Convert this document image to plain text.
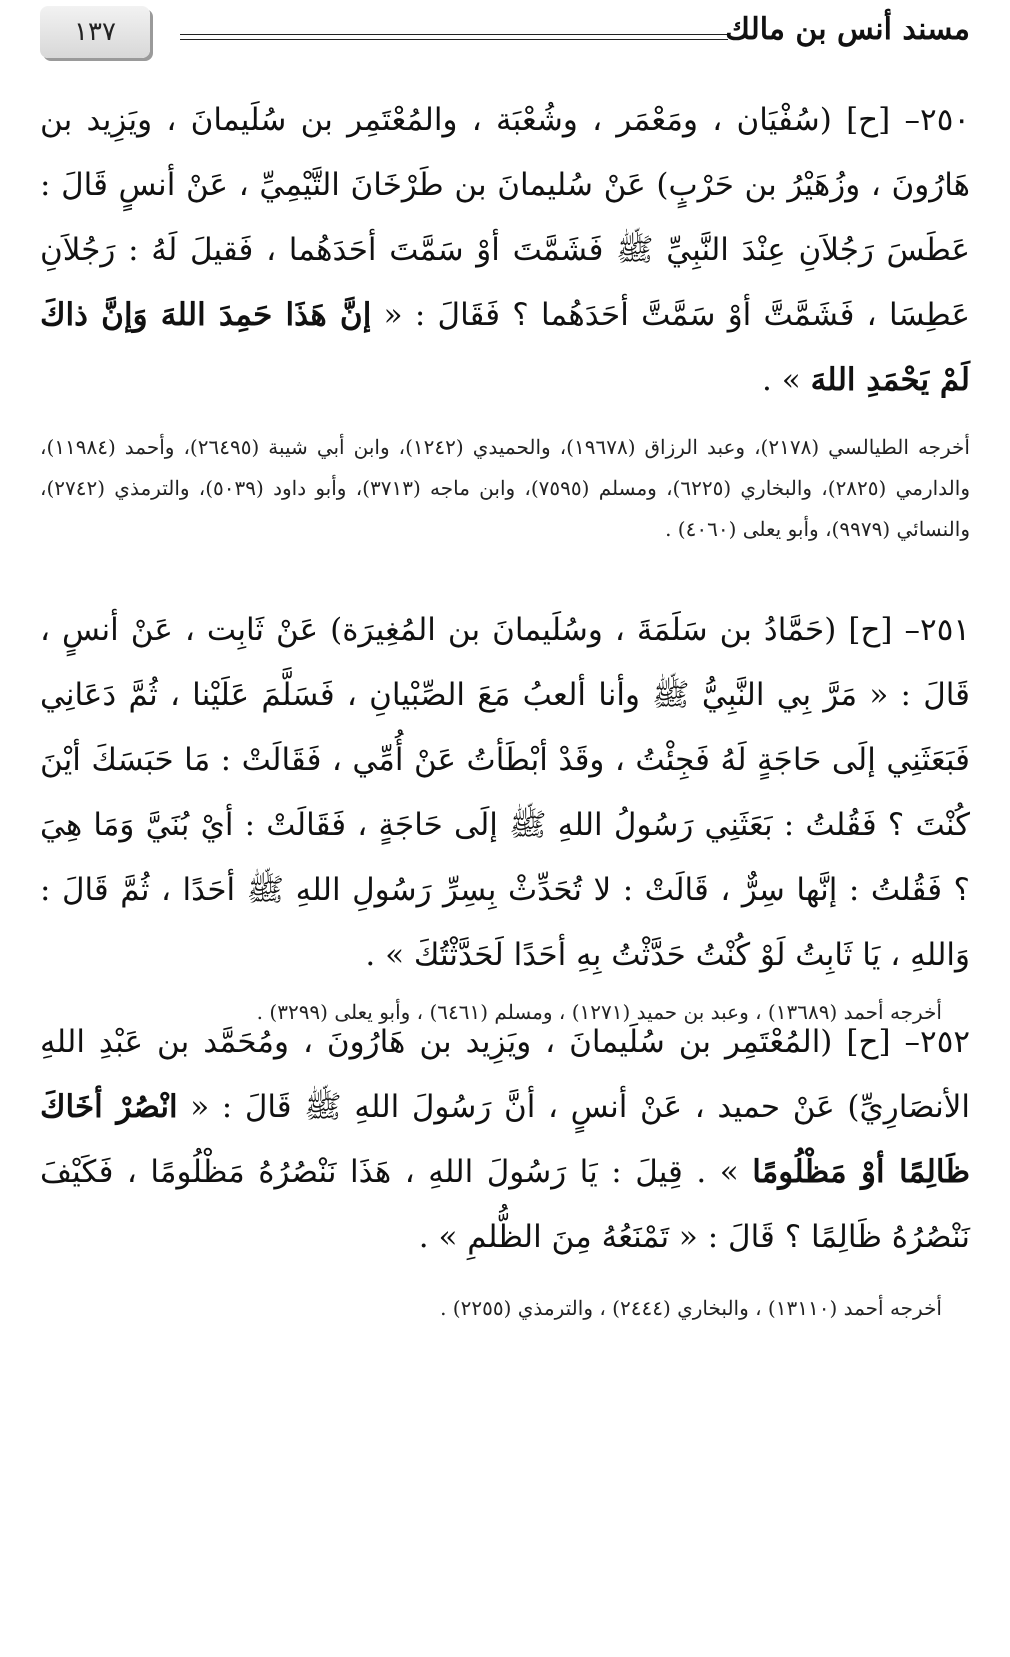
١٣٧	مسند أنس بن مالك

٢٥٠– [ح] (سُفْيَان ، ومَعْمَر ، وشُعْبَة ، والمُعْتَمِر بن سُلَيمانَ ، ويَزِيد بن هَارُونَ ، وزُهَيْرُ بن حَرْبٍ) عَنْ سُليمانَ بن طَرْخَانَ التَّيْمِيِّ ، عَنْ أنسٍ قَالَ : عَطَسَ رَجُلاَنِ عِنْدَ النَّبِيِّ ﷺ فَشَمَّتَ أوْ سَمَّتَ أحَدَهُما ، فَقيلَ لَهُ : رَجُلاَنِ عَطِسَا ، فَشَمَّتَّ أوْ سَمَّتَّ أحَدَهُما ؟ فَقَالَ : « إنَّ هَذَا حَمِدَ اللهَ وَإنَّ ذاكَ لَمْ يَحْمَدِ اللهَ » .

أخرجه الطيالسي (٢١٧٨)، وعبد الرزاق (١٩٦٧٨)، والحميدي (١٢٤٢)، وابن أبي شيبة (٢٦٤٩٥)، وأحمد (١١٩٨٤)، والدارمي (٢٨٢٥)، والبخاري (٦٢٢٥)، ومسلم (٧٥٩٥)، وابن ماجه (٣٧١٣)، وأبو داود (٥٠٣٩)، والترمذي (٢٧٤٢)، والنسائي (٩٩٧٩)، وأبو يعلى (٤٠٦٠) .

٢٥١– [ح] (حَمَّادُ بن سَلَمَةَ ، وسُلَيمانَ بن المُغِيرَة) عَنْ ثَابِت ، عَنْ أنسٍ ، قَالَ : « مَرَّ بِي النَّبِيُّ ﷺ وأنا ألعبُ مَعَ الصِّبْيانِ ، فَسَلَّمَ عَلَيْنا ، ثُمَّ دَعَانِي فَبَعَثَنِي إلَى حَاجَةٍ لَهُ فَجِئْتُ ، وقَدْ أبْطَأتُ عَنْ أُمِّي ، فَقَالَتْ : مَا حَبَسَكَ أيْنَ كُنْتَ ؟ فَقُلتُ : بَعَثَنِي رَسُولُ اللهِ ﷺ إلَى حَاجَةٍ ، فَقَالَتْ : أيْ بُنَيَّ وَمَا هِيَ ؟ فَقُلتُ : إنَّها سِرٌّ ، قَالَتْ : لا تُحَدِّثْ بِسِرِّ رَسُولِ اللهِ ﷺ أحَدًا ، ثُمَّ قَالَ : وَاللهِ ، يَا ثَابِتُ لَوْ كُنْتُ حَدَّثْتُ بِهِ أحَدًا لَحَدَّثْتُكَ » .

أخرجه أحمد (١٣٦٨٩) ، وعبد بن حميد (١٢٧١) ، ومسلم (٦٤٦١) ، وأبو يعلى (٣٢٩٩) .

٢٥٢– [ح] (المُعْتَمِر بن سُلَيمانَ ، ويَزِيد بن هَارُونَ ، ومُحَمَّد بن عَبْدِ اللهِ الأنصَارِيِّ) عَنْ حميد ، عَنْ أنسٍ ، أنَّ رَسُولَ اللهِ ﷺ قَالَ : « انْصُرْ أخَاكَ ظَالِمًا أوْ مَظْلُومًا » . قِيلَ : يَا رَسُولَ اللهِ ، هَذَا نَنْصُرُهُ مَظْلُومًا ، فَكَيْفَ نَنْصُرُهُ ظَالِمًا ؟ قَالَ : « تَمْنَعُهُ مِنَ الظُّلمِ » .

أخرجه أحمد (١٣١١٠) ، والبخاري (٢٤٤٤) ، والترمذي (٢٢٥٥) .
